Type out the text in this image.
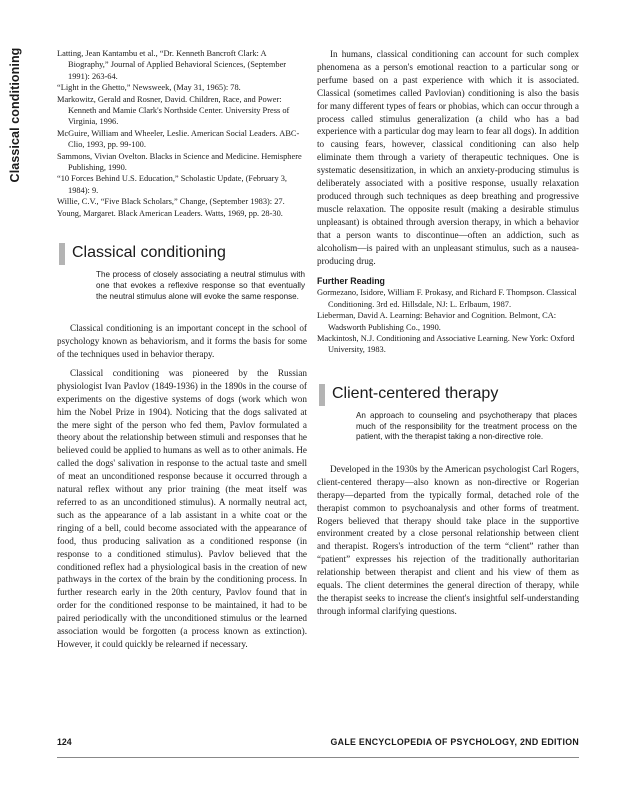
Classical conditioning	Latting, Jean Kantambu et al., “Dr. Kenneth Bancroft Clark: A Biography,” Journal of Applied Behavioral Sciences, (September 1991): 263-64.

“Light in the Ghetto,” Newsweek, (May 31, 1965): 78.

Markowitz, Gerald and Rosner, David. Children, Race, and Power: Kenneth and Mamie Clark's Northside Center. University Press of Virginia, 1996.

McGuire, William and Wheeler, Leslie. American Social Leaders. ABC-Clio, 1993, pp. 99-100.

Sammons, Vivian Ovelton. Blacks in Science and Medicine. Hemisphere Publishing, 1990.

“10 Forces Behind U.S. Education,” Scholastic Update, (February 3, 1984): 9.

Willie, C.V., “Five Black Scholars,” Change, (September 1983): 27.

Young, Margaret. Black American Leaders. Watts, 1969, pp. 28-30.

Classical conditioning

The process of closely associating a neutral stimulus with one that evokes a reflexive response so that eventually the neutral stimulus alone will evoke the same response.

Classical conditioning is an important concept in the school of psychology known as behaviorism, and it forms the basis for some of the techniques used in behavior therapy.

Classical conditioning was pioneered by the Russian physiologist Ivan Pavlov (1849-1936) in the 1890s in the course of experiments on the digestive systems of dogs (work which won him the Nobel Prize in 1904). Noticing that the dogs salivated at the mere sight of the person who fed them, Pavlov formulated a theory about the relationship between stimuli and responses that he believed could be applied to humans as well as to other animals. He called the dogs' salivation in response to the actual taste and smell of meat an unconditioned response because it occurred through a natural reflex without any prior training (the meat itself was referred to as an unconditioned stimulus). A normally neutral act, such as the appearance of a lab assistant in a white coat or the ringing of a bell, could become associated with the appearance of food, thus producing salivation as a conditioned response (in response to a conditioned stimulus). Pavlov believed that the conditioned reflex had a physiological basis in the creation of new pathways in the cortex of the brain by the conditioning process. In further research early in the 20th century, Pavlov found that in order for the conditioned response to be maintained, it had to be paired periodically with the unconditioned stimulus or the learned association would be forgotten (a process known as extinction). However, it could quickly be relearned if necessary.

In humans, classical conditioning can account for such complex phenomena as a person's emotional reaction to a particular song or perfume based on a past experience with which it is associated. Classical (sometimes called Pavlovian) conditioning is also the basis for many different types of fears or phobias, which can occur through a process called stimulus generalization (a child who has a bad experience with a particular dog may learn to fear all dogs). In addition to causing fears, however, classical conditioning can also help eliminate them through a variety of therapeutic techniques. One is systematic desensitization, in which an anxiety-producing stimulus is deliberately associated with a positive response, usually relaxation produced through such techniques as deep breathing and progressive muscle relaxation. The opposite result (making a desirable stimulus unpleasant) is obtained through aversion therapy, in which a behavior that a person wants to discontinue—often an addiction, such as alcoholism—is paired with an unpleasant stimulus, such as a nausea-producing drug.

Further Reading

Gormezano, Isidore, William F. Prokasy, and Richard F. Thompson. Classical Conditioning. 3rd ed. Hillsdale, NJ: L. Erlbaum, 1987.

Lieberman, David A. Learning: Behavior and Cognition. Belmont, CA: Wadsworth Publishing Co., 1990.

Mackintosh, N.J. Conditioning and Associative Learning. New York: Oxford University, 1983.

Client-centered therapy

An approach to counseling and psychotherapy that places much of the responsibility for the treatment process on the patient, with the therapist taking a non-directive role.

Developed in the 1930s by the American psychologist Carl Rogers, client-centered therapy—also known as non-directive or Rogerian therapy—departed from the typically formal, detached role of the therapist common to psychoanalysis and other forms of treatment. Rogers believed that therapy should take place in the supportive environment created by a close personal relationship between client and therapist. Rogers's introduction of the term “client” rather than “patient” expresses his rejection of the traditionally authoritarian relationship between therapist and client and his view of them as equals. The client determines the general direction of therapy, while the therapist seeks to increase the client's insightful self-understanding through informal clarifying questions.

124	GALE ENCYCLOPEDIA OF PSYCHOLOGY, 2ND EDITION
